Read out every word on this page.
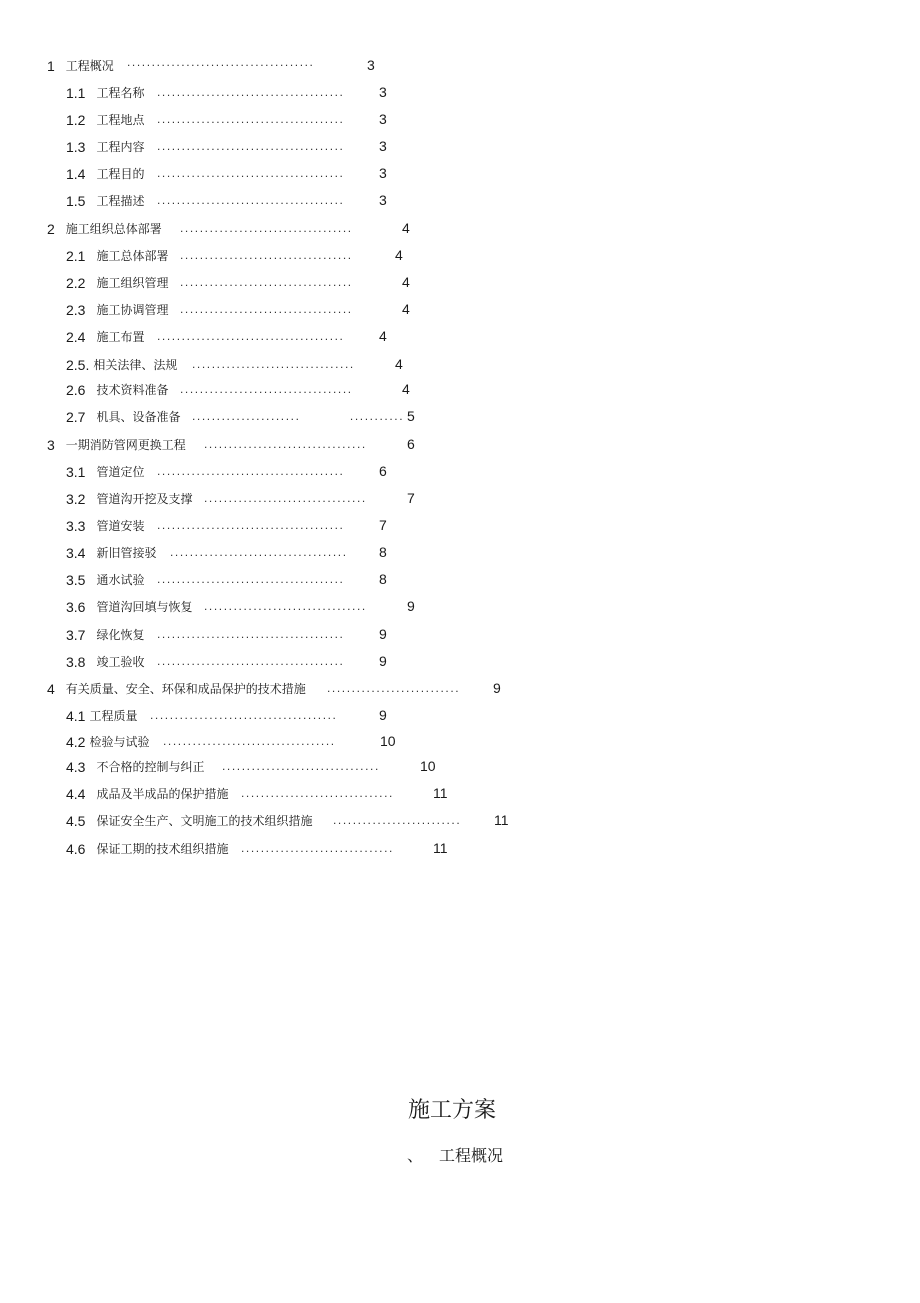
1 工程概况 ......................................	3
1.1 工程名称 ......................................	3
1.2 工程地点 ......................................	3
1.3 工程内容 ......................................	3
1.4 工程目的 ......................................	3
1.5 工程描述 ......................................	3
2 施工组织总体部署 ...................................	4
2.1 施工总体部署 ...................................	4
2.2 施工组织管理 ...................................	4
2.3 施工协调管理 ...................................	4
2.4 施工布置 ......................................	4
2.5. 相关法律、法规 .................................	4
2.6 技术资料准备 ...................................	4
2.7 机具、设备准备 ......................          ........... 5
3 一期消防管网更换工程 .................................	6
3.1 管道定位 ......................................	6
3.2 管道沟开挖及支撑 .................................	7
3.3 管道安装 ......................................	7
3.4 新旧管接驳 ....................................	8
3.5 通水试验 ......................................	8
3.6 管道沟回填与恢复 .................................	9
3.7 绿化恢复 ......................................	9
3.8 竣工验收 ......................................	9
4 有关质量、安全、环保和成品保护的技术措施 ...........................	9
4.1 工程质量 ......................................	9
4.2 检验与试验 ...................................	10
4.3 不合格的控制与纠正 ................................	10
4.4 成品及半成品的保护措施 ...............................	11
4.5 保证安全生产、文明施工的技术组织措施 ..........................	11
4.6 保证工期的技术组织措施 ...............................	11
施工方案
、 工程概况
